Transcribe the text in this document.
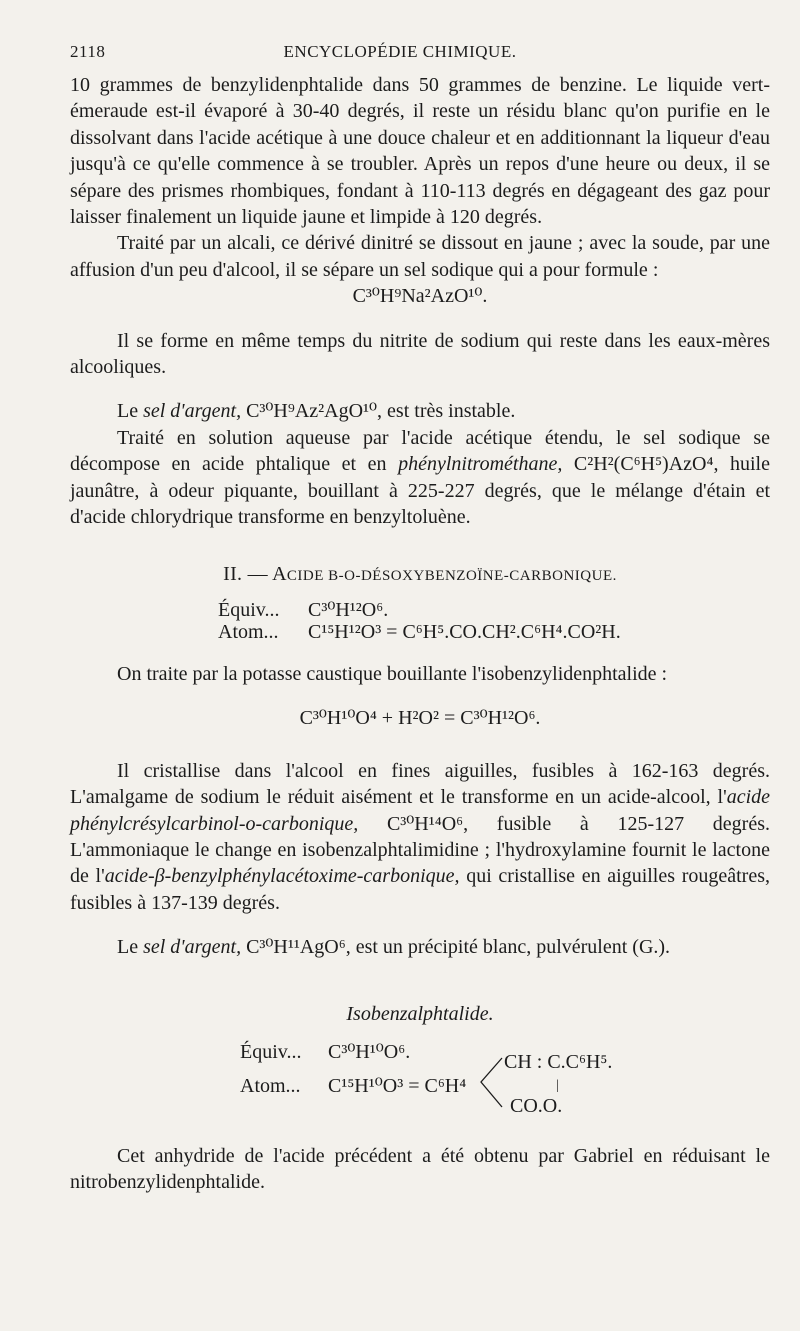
2118	ENCYCLOPÉDIE CHIMIQUE.

10 grammes de benzylidenphtalide dans 50 grammes de benzine. Le liquide vert-émeraude est-il évaporé à 30-40 degrés, il reste un résidu blanc qu'on purifie en le dissolvant dans l'acide acétique à une douce chaleur et en additionnant la liqueur d'eau jusqu'à ce qu'elle commence à se troubler. Après un repos d'une heure ou deux, il se sépare des prismes rhombiques, fondant à 110-113 degrés en dégageant des gaz pour laisser finalement un liquide jaune et limpide à 120 degrés.

Traité par un alcali, ce dérivé dinitré se dissout en jaune ; avec la soude, par une affusion d'un peu d'alcool, il se sépare un sel sodique qui a pour formule :

C³⁰H⁹Na²AzO¹⁰.

Il se forme en même temps du nitrite de sodium qui reste dans les eaux-mères alcooliques.

Le sel d'argent, C³⁰H⁹Az²AgO¹⁰, est très instable.

Traité en solution aqueuse par l'acide acétique étendu, le sel sodique se décompose en acide phtalique et en phénylnitrométhane, C²H²(C⁶H⁵)AzO⁴, huile jaunâtre, à odeur piquante, bouillant à 225-227 degrés, que le mélange d'étain et d'acide chlorydrique transforme en benzyltoluène.

II. — ACIDE Β-O-DÉSOXYBENZOÏNE-CARBONIQUE.
Équiv... C³⁰H¹²O⁶.
Atom... C¹⁵H¹²O³ = C⁶H⁵.CO.CH².C⁶H⁴.CO²H.

On traite par la potasse caustique bouillante l'isobenzylidenphtalide :

C³⁰H¹⁰O⁴ + H²O² = C³⁰H¹²O⁶.

Il cristallise dans l'alcool en fines aiguilles, fusibles à 162-163 degrés. L'amalgame de sodium le réduit aisément et le transforme en un acide-alcool, l'acide phénylcrésylcarbinol-o-carbonique, C³⁰H¹⁴O⁶, fusible à 125-127 degrés. L'ammoniaque le change en isobenzalphtalimidine ; l'hydroxylamine fournit le lactone de l'acide-β-benzylphénylacétoxime-carbonique, qui cristallise en aiguilles rougeâtres, fusibles à 137-139 degrés.

Le sel d'argent, C³⁰H¹¹AgO⁶, est un précipité blanc, pulvérulent (G.).

Isobenzalphtalide.
Équiv... C³⁰H¹⁰O⁶.
Atom... C¹⁵H¹⁰O³ = C⁶H⁴
CH : C.C⁶H⁵.
|
CO.O.

Cet anhydride de l'acide précédent a été obtenu par Gabriel en réduisant le nitrobenzylidenphtalide.
